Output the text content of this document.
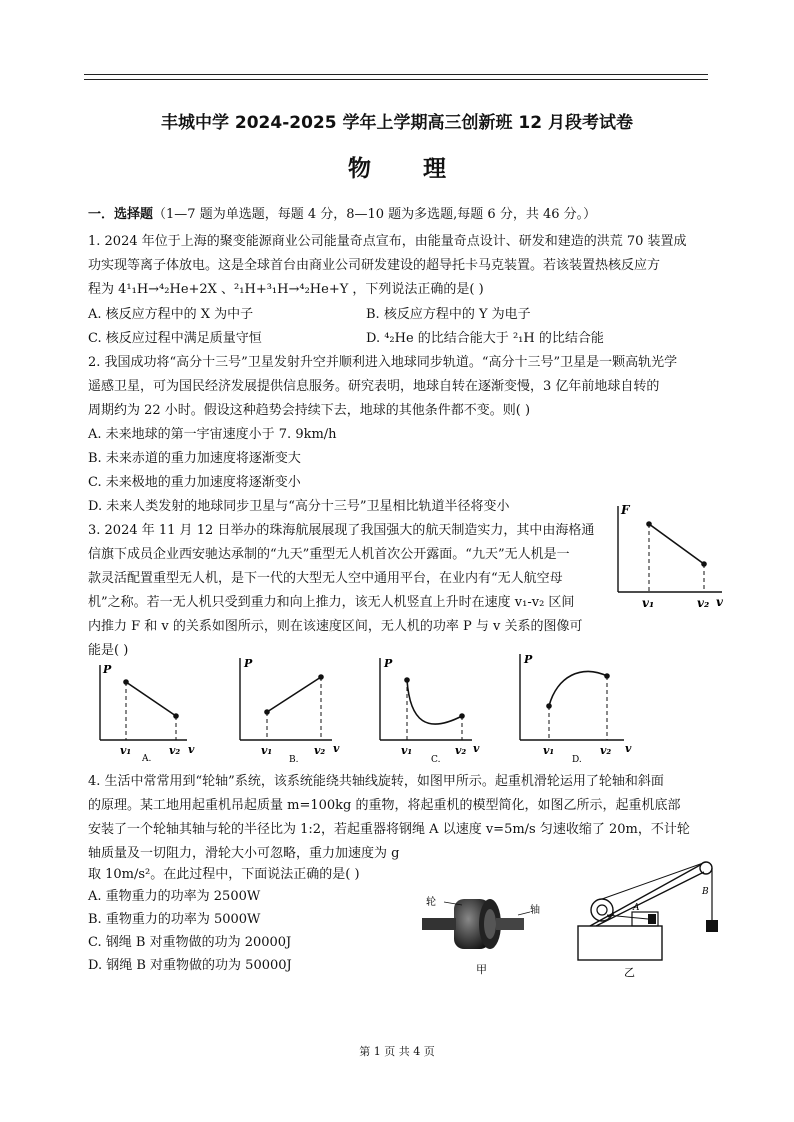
丰城中学 2024-2025 学年上学期高三创新班 12 月段考试卷
物 理
一．选择题（1—7 题为单选题，每题 4 分，8—10 题为多选题,每题 6 分，共 46 分。）
1. 2024 年位于上海的聚变能源商业公司能量奇点宣布，由能量奇点设计、研发和建造的洪荒 70 装置成
功实现等离子体放电。这是全球首台由商业公司研发建设的超导托卡马克装置。若该装置热核反应方
程为 4¹₁H→⁴₂He+2X 、²₁H+³₁H→⁴₂He+Y ，下列说法正确的是( )
A. 核反应方程中的 X 为中子	B. 核反应方程中的 Y 为电子
C. 核反应过程中满足质量守恒	D. ⁴₂He 的比结合能大于 ²₁H 的比结合能
2. 我国成功将“高分十三号”卫星发射升空并顺利进入地球同步轨道。“高分十三号”卫星是一颗高轨光学
遥感卫星，可为国民经济发展提供信息服务。研究表明，地球自转在逐渐变慢，3 亿年前地球自转的
周期约为 22 小时。假设这种趋势会持续下去，地球的其他条件都不变。则( )
A. 未来地球的第一宇宙速度小于 7. 9km/h
B. 未来赤道的重力加速度将逐渐变大
C. 未来极地的重力加速度将逐渐变小
D. 未来人类发射的地球同步卫星与“高分十三号”卫星相比轨道半径将变小
3. 2024 年 11 月 12 日举办的珠海航展展现了我国强大的航天制造实力，其中由海格通
信旗下成员企业西安驰达承制的“九天”重型无人机首次公开露面。“九天”无人机是一
款灵活配置重型无人机，是下一代的大型无人空中通用平台，在业内有“无人航空母
机”之称。若一无人机只受到重力和向上推力，该无人机竖直上升时在速度 v₁-v₂ 区间
内推力 F 和 v 的关系如图所示，则在该速度区间，无人机的功率 P 与 v 关系的图像可
能是( )
F
v
v₁	v₂
P
v
v₁	v₂
A.
P
v
v₁	v₂
B.
P
v
v₁	v₂
C.
P
v
v₁	v₂
D.
4. 生活中常常用到“轮轴”系统，该系统能绕共轴线旋转，如图甲所示。起重机滑轮运用了轮轴和斜面
的原理。某工地用起重机吊起质量 m=100kg 的重物，将起重机的模型简化，如图乙所示，起重机底部
安装了一个轮轴其轴与轮的半径比为 1:2，若起重器将钢绳 A 以速度 v=5m/s 匀速收缩了 20m，不计轮
轴质量及一切阻力，滑轮大小可忽略，重力加速度为 g
取 10m/s²。在此过程中，下面说法正确的是( )
A. 重物重力的功率为 2500W
B. 重物重力的功率为 5000W
C. 钢绳 B 对重物做的功为 20000J
D. 钢绳 B 对重物做的功为 50000J
轮
轴
甲
A
B
乙
第 1 页 共 4 页
